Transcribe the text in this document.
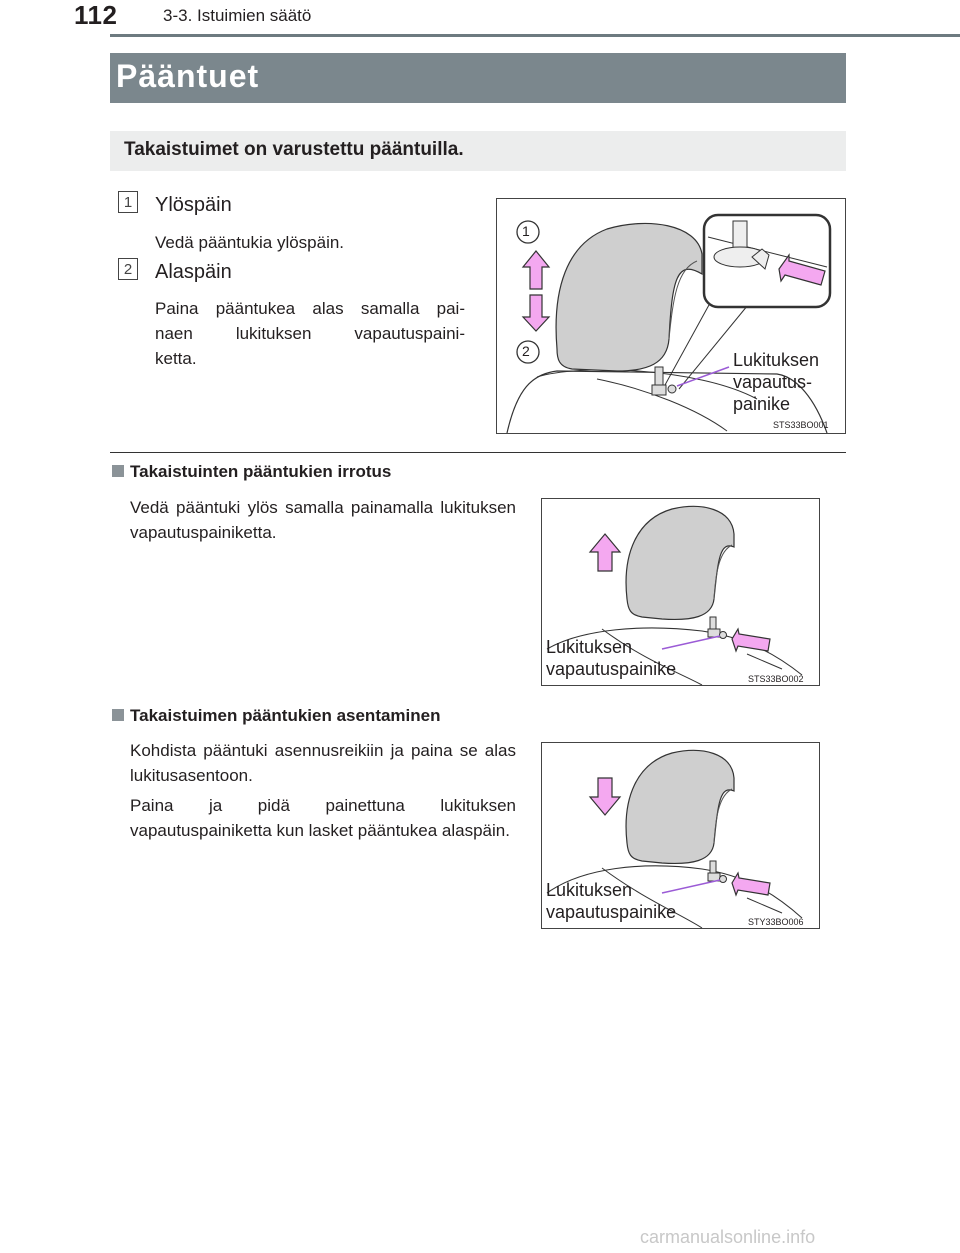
112	3-3. Istuimien säätö
Pääntuet
Takaistuimet on varustettu pääntuilla.
1 Ylöspäin
Vedä pääntukia ylöspäin.
2 Alaspäin
Paina pääntukea alas samalla pai-
naen lukituksen vapautuspaini-
ketta.
1
2	Lukituksen
vapautus-
painike
STS33BO001
Takaistuinten pääntukien irrotus
Vedä pääntuki ylös samalla painamalla lukituksen vapautuspainiketta.
Lukituksen
vapautuspainike	STS33BO002
Takaistuimen pääntukien asentaminen
Kohdista pääntuki asennusreikiin ja paina se alas lukitusasentoon.
Paina ja pidä painettuna lukituksen vapautuspainiketta kun lasket pääntukea alaspäin.
Lukituksen
vapautuspainike	STY33BO006
carmanualsonline.info
